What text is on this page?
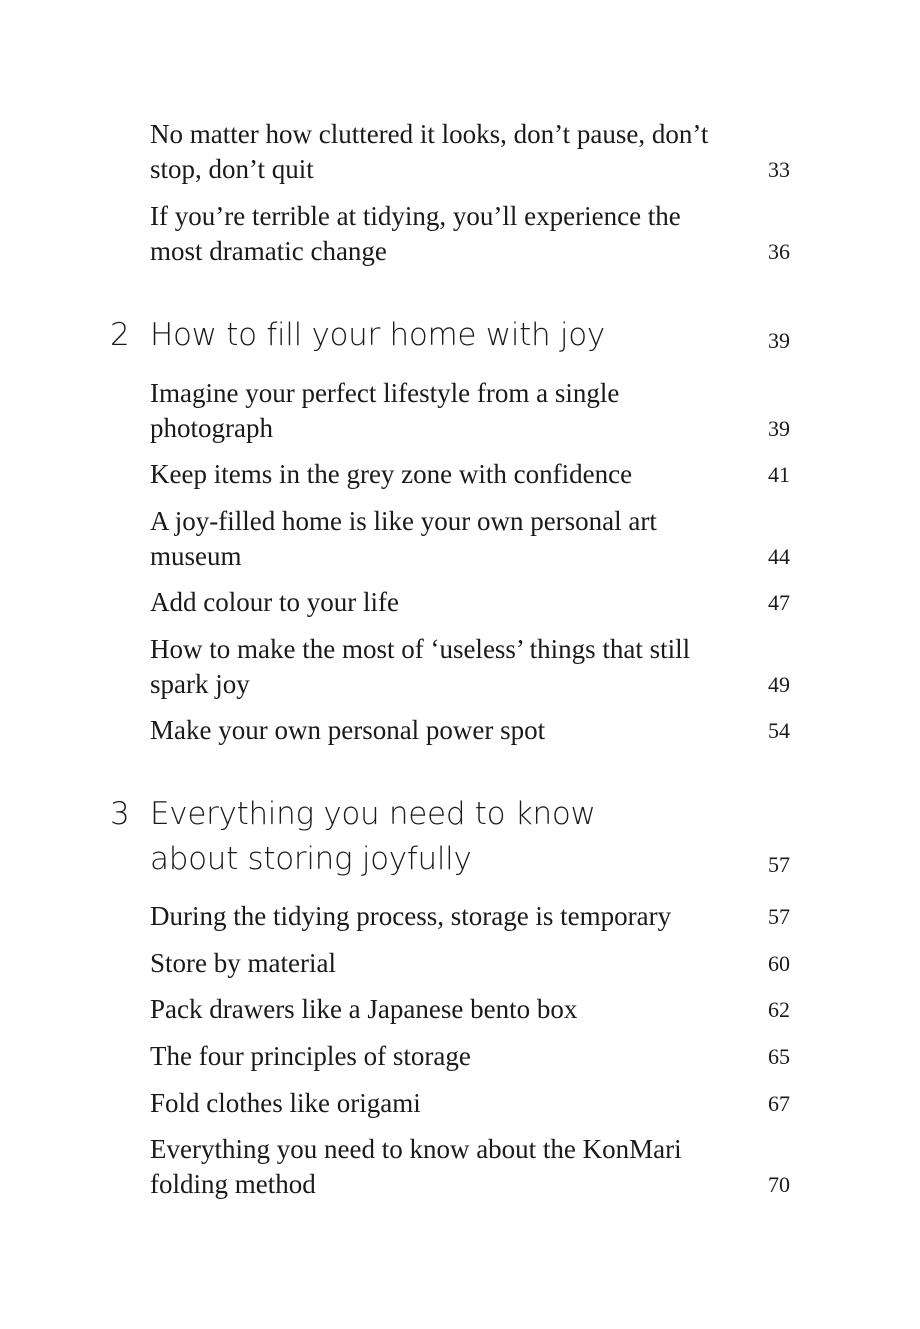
No matter how cluttered it looks, don’t pause, don’t stop, don’t quit	33
If you’re terrible at tidying, you’ll experience the most dramatic change	36
2 How to fill your home with joy	39
Imagine your perfect lifestyle from a single photograph	39
Keep items in the grey zone with confidence	41
A joy-filled home is like your own personal art museum	44
Add colour to your life	47
How to make the most of ‘useless’ things that still spark joy	49
Make your own personal power spot	54
3 Everything you need to know about storing joyfully	57
During the tidying process, storage is temporary	57
Store by material	60
Pack drawers like a Japanese bento box	62
The four principles of storage	65
Fold clothes like origami	67
Everything you need to know about the KonMari folding method	70
